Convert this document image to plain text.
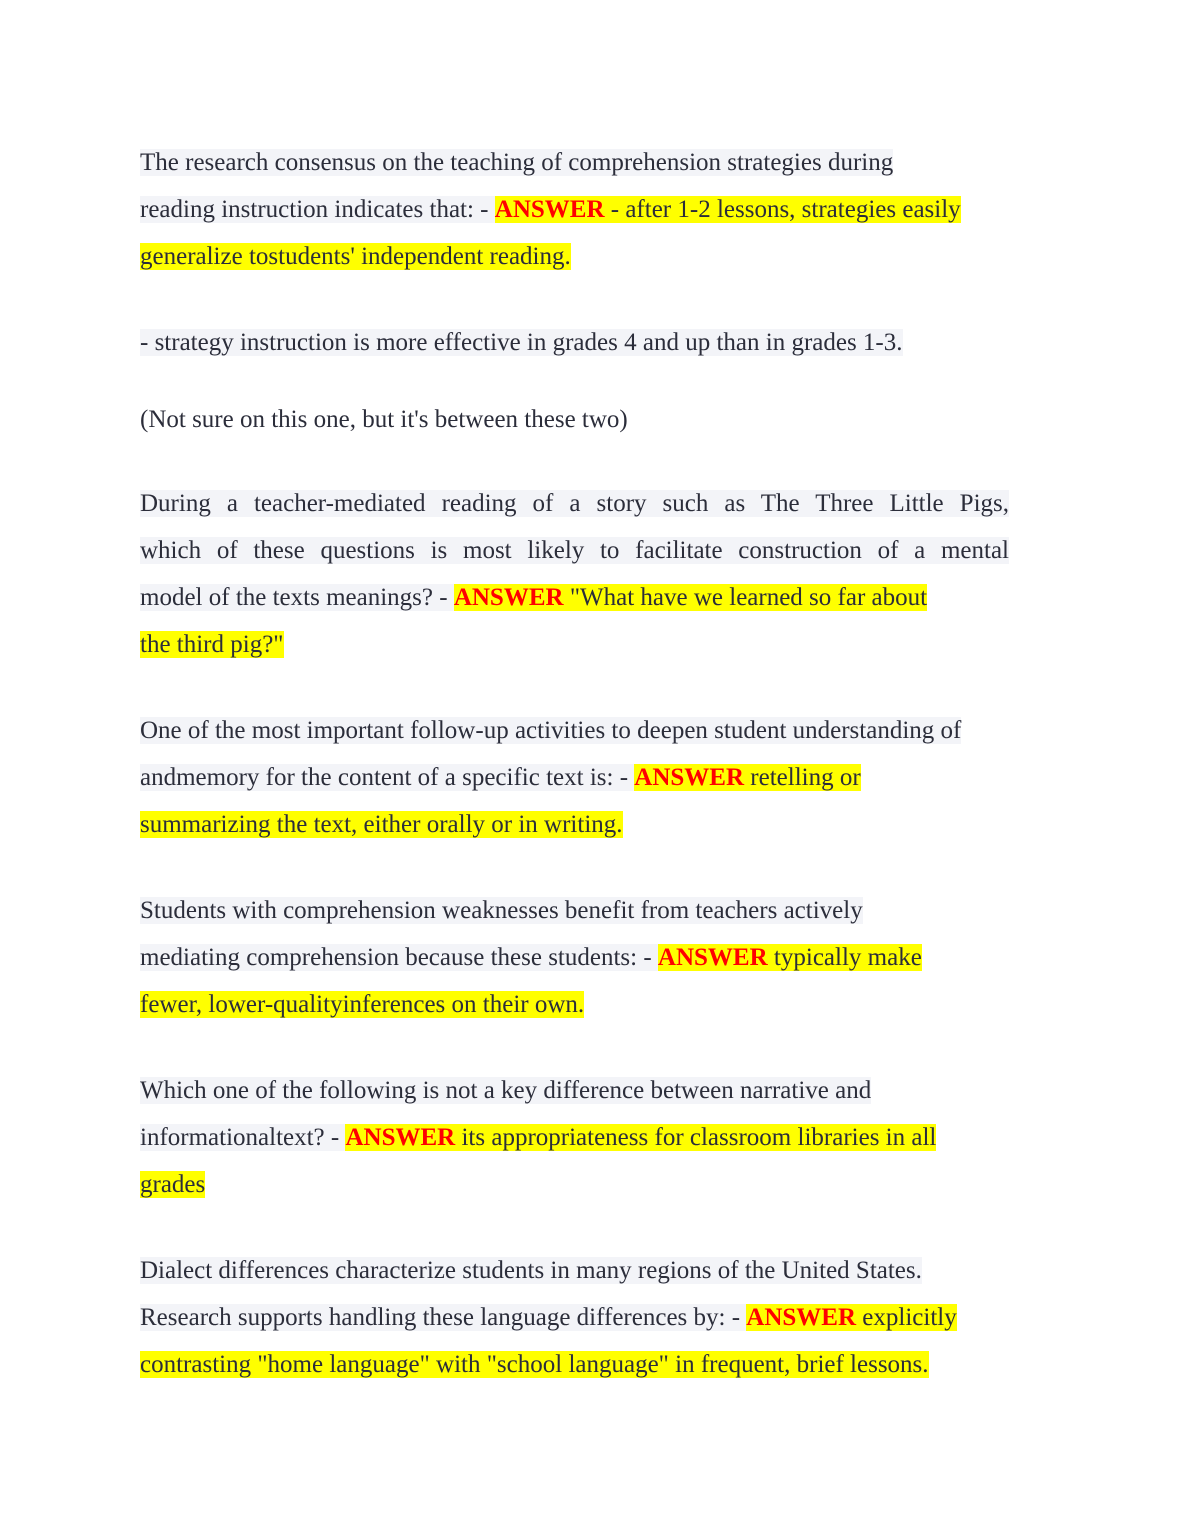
The research consensus on the teaching of comprehension strategies during
reading instruction indicates that: - ANSWER - after 1-2 lessons, strategies easily
generalize tostudents' independent reading.
- strategy instruction is more effective in grades 4 and up than in grades 1-3.
(Not sure on this one, but it's between these two)
During a teacher-mediated reading of a story such as The Three Little Pigs,
which of these questions is most likely to facilitate construction of a mental
model of the texts meanings? - ANSWER "What have we learned so far about
the third pig?"
One of the most important follow-up activities to deepen student understanding of
andmemory for the content of a specific text is: - ANSWER retelling or
summarizing the text, either orally or in writing.
Students with comprehension weaknesses benefit from teachers actively
mediating comprehension because these students: - ANSWER typically make
fewer, lower-qualityinferences on their own.
Which one of the following is not a key difference between narrative and
informationaltext? - ANSWER its appropriateness for classroom libraries in all
grades
Dialect differences characterize students in many regions of the United States.
Research supports handling these language differences by: - ANSWER explicitly
contrasting "home language" with "school language" in frequent, brief lessons.
